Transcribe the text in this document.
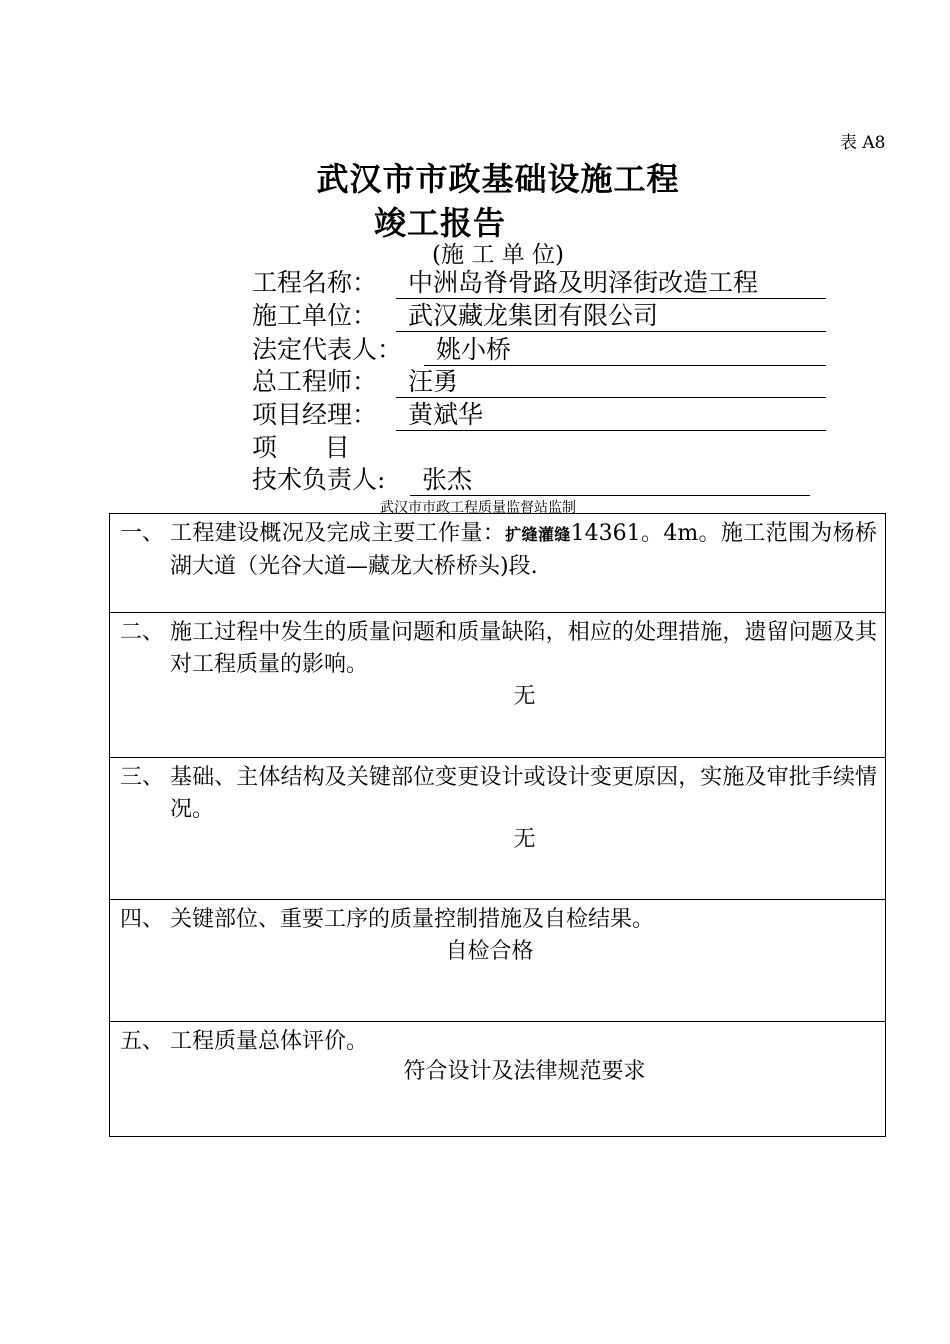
表 A8
武汉市市政基础设施工程
竣工报告
(施 工 单 位)
工程名称：	中洲岛脊骨路及明泽街改造工程
施工单位：	武汉藏龙集团有限公司
法定代表人：	姚小桥
总工程师：	汪勇
项目经理：	黄斌华
项      目
技术负责人:	张杰
武汉市市政工程质量监督站监制
一、 工程建设概况及完成主要工作量：扩缝灌缝14361。4m。施工范围为杨桥湖大道（光谷大道—藏龙大桥桥头)段.
二、 施工过程中发生的质量问题和质量缺陷，相应的处理措施，遗留问题及其对工程质量的影响。
无
三、 基础、主体结构及关键部位变更设计或设计变更原因，实施及审批手续情况。
无
四、 关键部位、重要工序的质量控制措施及自检结果。
自检合格
五、 工程质量总体评价。
符合设计及法律规范要求
